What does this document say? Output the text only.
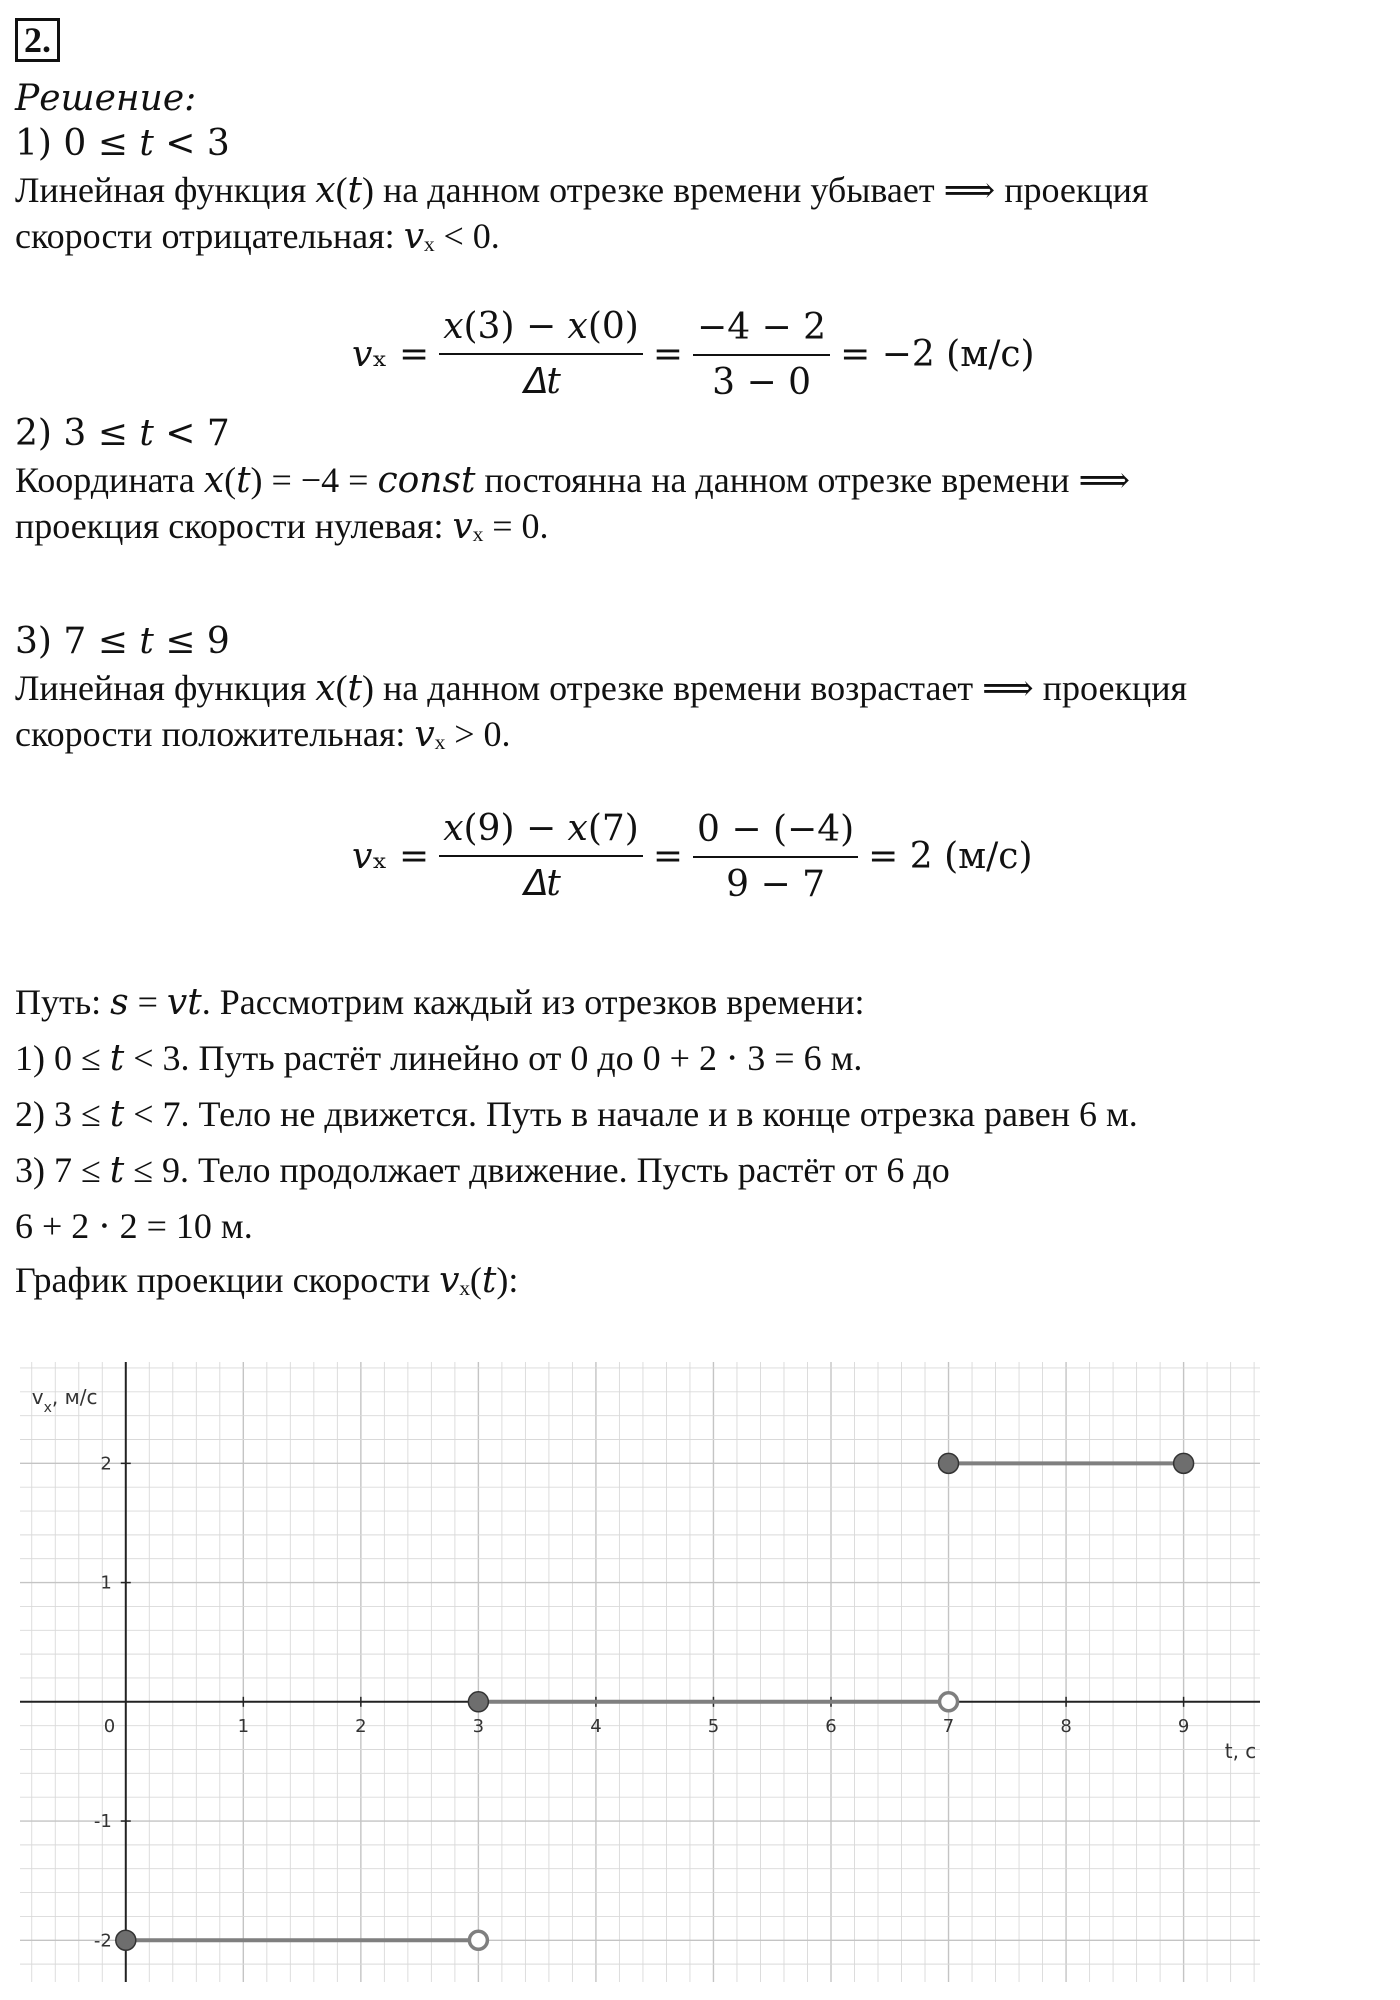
2.
Решение:
1) 0 ≤ 𝑡 < 3
Линейная функция 𝑥(𝑡) на данном отрезке времени убывает ⟹ проекция
скорости отрицательная: 𝑣ₓ < 0.
𝑣ₓ = $\frac{\text{𝑥(3) − 𝑥(0)}}{\text{𝛥𝑡}} = \frac{-4 - 2}{3 - 0} = -2$ (м/с)
2) 3 ≤ 𝑡 < 7
Координата 𝑥(𝑡) = −4 = 𝑐𝑜𝑛𝑠𝑡 постоянна на данном отрезке времени ⟹
проекция скорости нулевая: 𝑣ₓ = 0.
3) 7 ≤ 𝑡 ≤ 9
Линейная функция 𝑥(𝑡) на данном отрезке времени возрастает ⟹ проекция
скорости положительная: 𝑣ₓ > 0.
𝑣ₓ = $\frac{\text{𝑥(9) − 𝑥(7)}}{\text{𝛥𝑡}} = \frac{0 - (-4)}{9 - 7} = 2$ (м/с)
Путь: 𝑠 = 𝑣𝑡. Рассмотрим каждый из отрезков времени:
1) 0 ≤ 𝑡 < 3. Путь растёт линейно от 0 до 0 + 2 ⋅ 3 = 6 м.
2) 3 ≤ 𝑡 < 7. Тело не движется. Путь в начале и в конце отрезка равен 6 м.
3) 7 ≤ 𝑡 ≤ 9. Тело продолжает движение. Пусть растёт от 6 до
6 + 2 ⋅ 2 = 10 м.
График проекции скорости 𝑣ₓ(𝑡):
0	1	2	3	4	5	6	7	8	9
-2
-1
1
2
$v_x$, м/с
t, c
